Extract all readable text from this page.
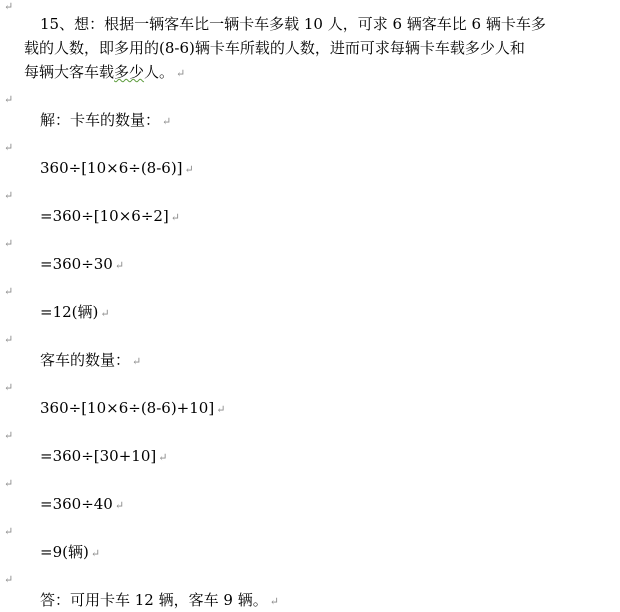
↵
15、想：根据一辆客车比一辆卡车多载 10 人，可求 6 辆客车比 6 辆卡车多
载的人数，即多用的(8-6)辆卡车所载的人数，进而可求每辆卡车载多少人和
每辆大客车载多少人。 ↵
↵
解：卡车的数量： ↵
↵
360÷[10×6÷(8-6)] ↵
↵
=360÷[10×6÷2] ↵
↵
=360÷30 ↵
↵
=12(辆) ↵
↵
客车的数量： ↵
↵
360÷[10×6÷(8-6)+10] ↵
↵
=360÷[30+10] ↵
↵
=360÷40 ↵
↵
=9(辆) ↵
↵
答：可用卡车 12 辆，客车 9 辆。 ↵
